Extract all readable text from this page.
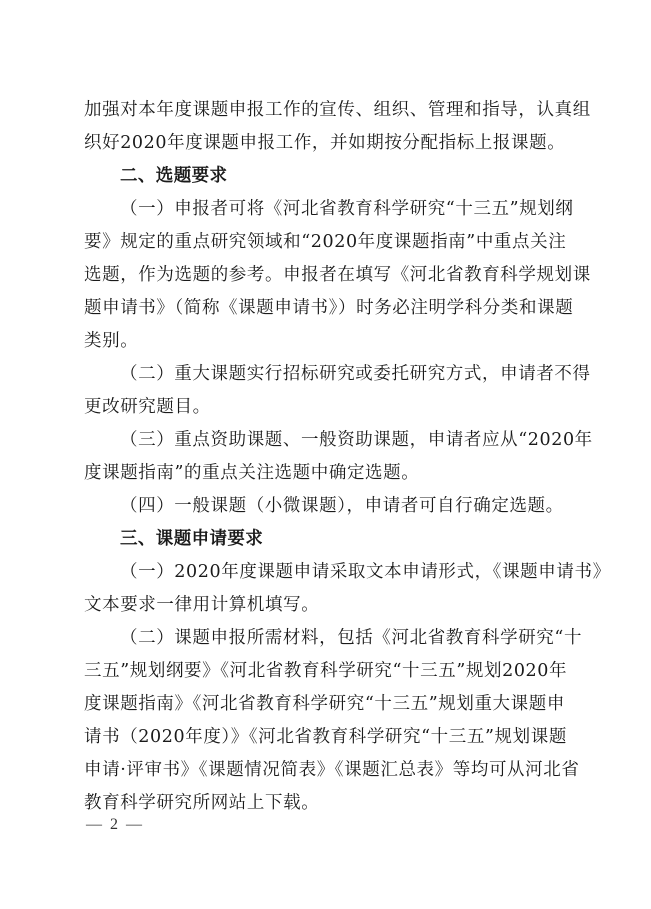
加强对本年度课题申报工作的宣传、组织、管理和指导，认真组
织好2020年度课题申报工作，并如期按分配指标上报课题。
二、选题要求
（一）申报者可将《河北省教育科学研究“十三五”规划纲
要》规定的重点研究领域和“2020年度课题指南”中重点关注
选题，作为选题的参考。申报者在填写《河北省教育科学规划课
题申请书》（简称《课题申请书》）时务必注明学科分类和课题
类别。
（二）重大课题实行招标研究或委托研究方式，申请者不得
更改研究题目。
（三）重点资助课题、一般资助课题，申请者应从“2020年
度课题指南”的重点关注选题中确定选题。
（四）一般课题（小微课题），申请者可自行确定选题。
三、课题申请要求
（一）2020年度课题申请采取文本申请形式，《课题申请书》
文本要求一律用计算机填写。
（二）课题申报所需材料，包括《河北省教育科学研究“十
三五”规划纲要》《河北省教育科学研究“十三五”规划2020年
度课题指南》《河北省教育科学研究“十三五”规划重大课题申
请书（2020年度）》《河北省教育科学研究“十三五”规划课题
申请·评审书》《课题情况简表》《课题汇总表》等均可从河北省
教育科学研究所网站上下载。
— 2 —
